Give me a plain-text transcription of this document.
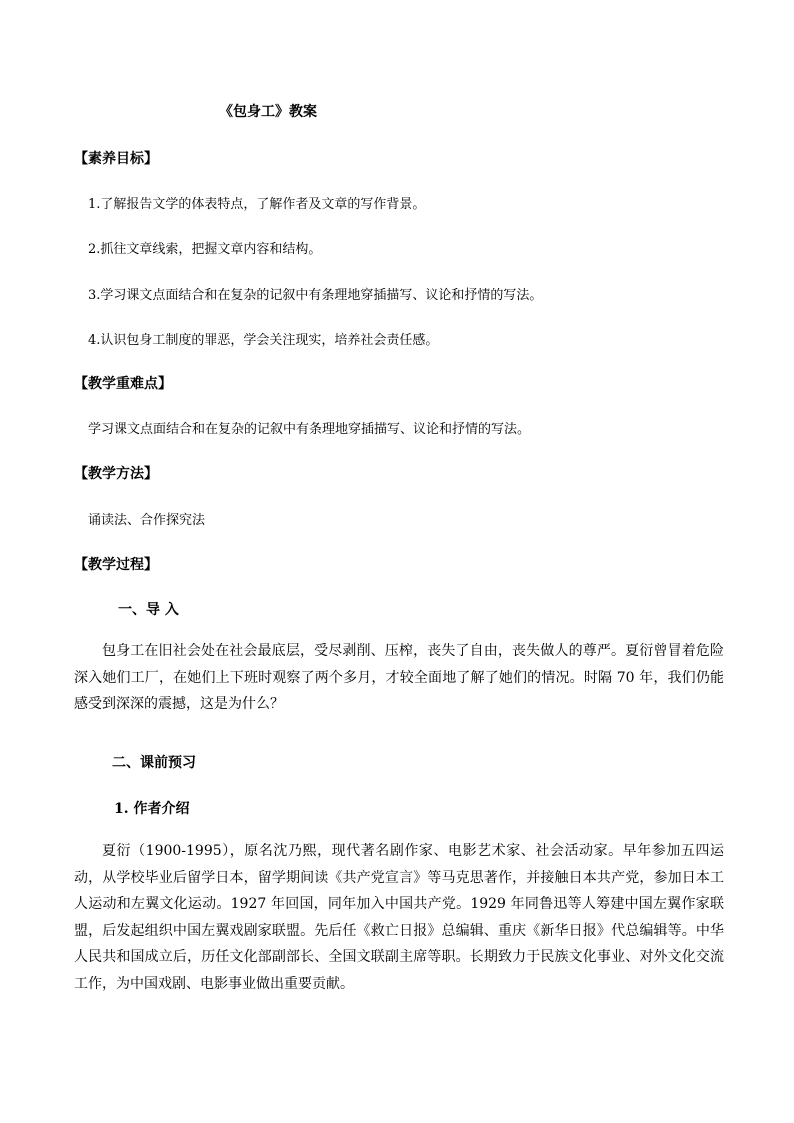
《包身工》教案
【素养目标】
1.了解报告文学的体表特点，了解作者及文章的写作背景。
2.抓往文章线索，把握文章内容和结构。
3.学习课文点面结合和在复杂的记叙中有条理地穿插描写、议论和抒情的写法。
4.认识包身工制度的罪恶，学会关注现实，培养社会责任感。
【教学重难点】
学习课文点面结合和在复杂的记叙中有条理地穿插描写、议论和抒情的写法。
【教学方法】
诵读法、合作探究法
【教学过程】
一、导 入
包身工在旧社会处在社会最底层，受尽剥削、压榨，丧失了自由，丧失做人的尊严。夏衍曾冒着危险深入她们工厂，在她们上下班时观察了两个多月，才较全面地了解了她们的情况。时隔 70 年，我们仍能感受到深深的震撼，这是为什么？
二、课前预习
1. 作者介绍
夏衍（1900-1995），原名沈乃熙，现代著名剧作家、电影艺术家、社会活动家。早年参加五四运动，从学校毕业后留学日本，留学期间读《共产党宣言》等马克思著作，并接触日本共产党，参加日本工人运动和左翼文化运动。1927 年回国，同年加入中国共产党。1929 年同鲁迅等人筹建中国左翼作家联盟，后发起组织中国左翼戏剧家联盟。先后任《救亡日报》总编辑、重庆《新华日报》代总编辑等。中华人民共和国成立后，历任文化部副部长、全国文联副主席等职。长期致力于民族文化事业、对外文化交流工作，为中国戏剧、电影事业做出重要贡献。
